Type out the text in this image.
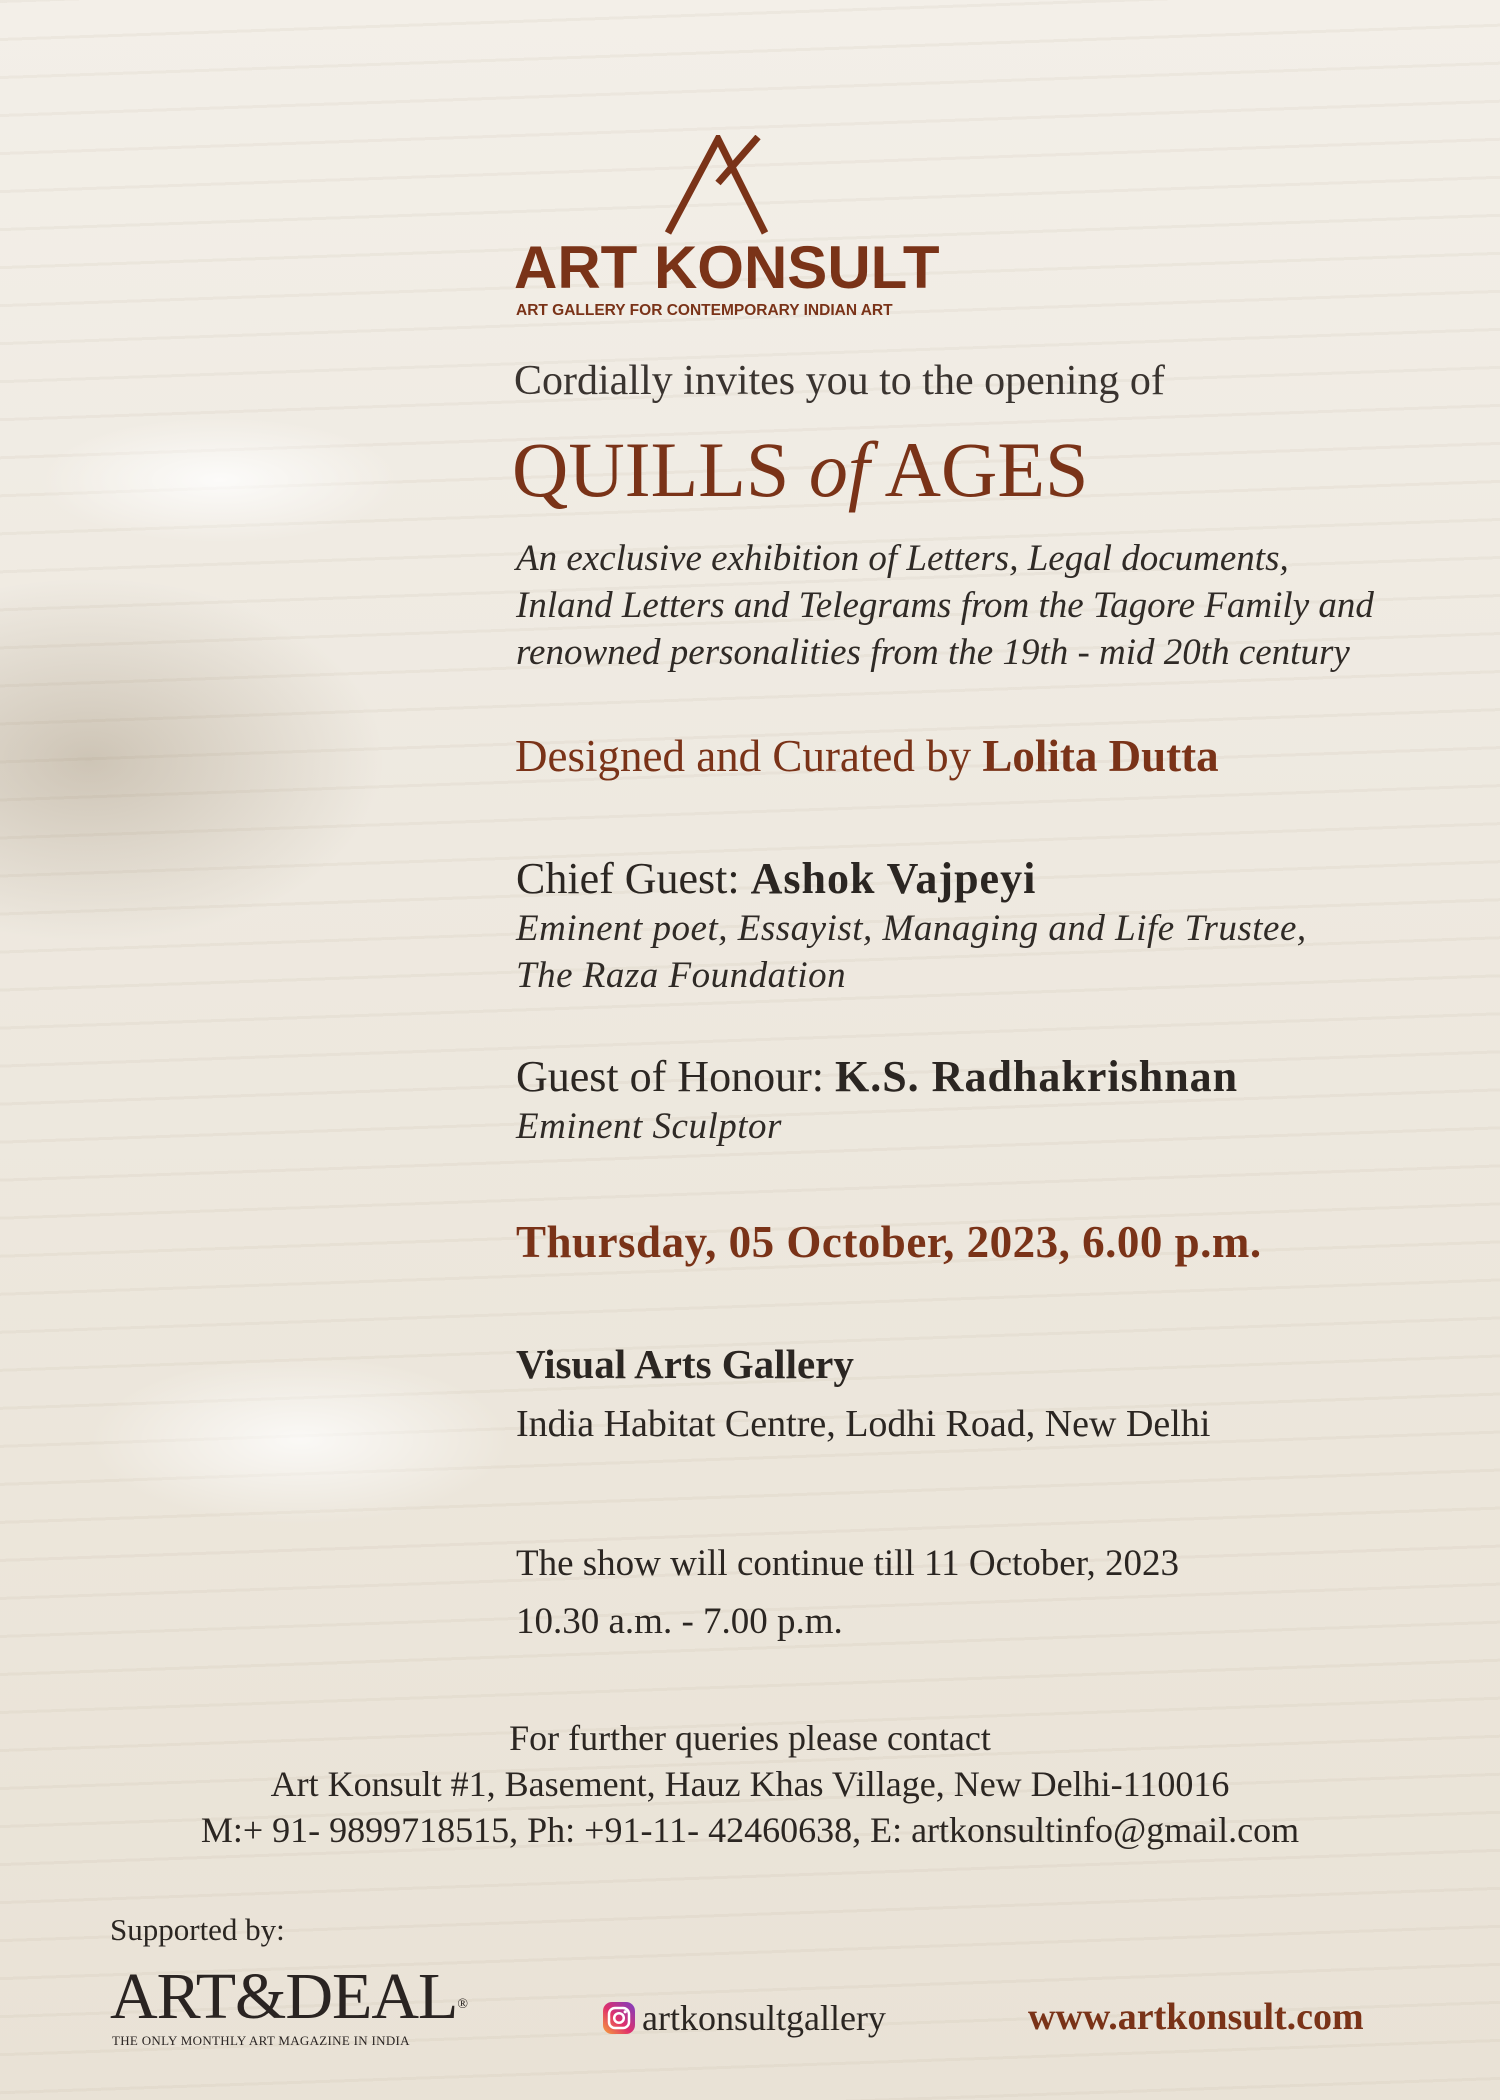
ART KONSULT
ART GALLERY FOR CONTEMPORARY INDIAN ART
Cordially invites you to the opening of
QUILLS of AGES
An exclusive exhibition of Letters, Legal documents,
Inland Letters and Telegrams from the Tagore Family and
renowned personalities from the 19th - mid 20th century
Designed and Curated by Lolita Dutta
Chief Guest: Ashok Vajpeyi
Eminent poet, Essayist, Managing and Life Trustee,
The Raza Foundation
Guest of Honour: K.S. Radhakrishnan
Eminent Sculptor
Thursday, 05 October, 2023, 6.00 p.m.
Visual Arts Gallery
India Habitat Centre, Lodhi Road, New Delhi
The show will continue till 11 October, 2023
10.30 a.m. - 7.00 p.m.
For further queries please contact
Art Konsult #1, Basement, Hauz Khas Village, New Delhi-110016
M:+ 91- 9899718515, Ph: +91-11- 42460638, E: artkonsultinfo@gmail.com
Supported by:
ART&DEAL®
THE ONLY MONTHLY ART MAGAZINE IN INDIA
artkonsultgallery	www.artkonsult.com
